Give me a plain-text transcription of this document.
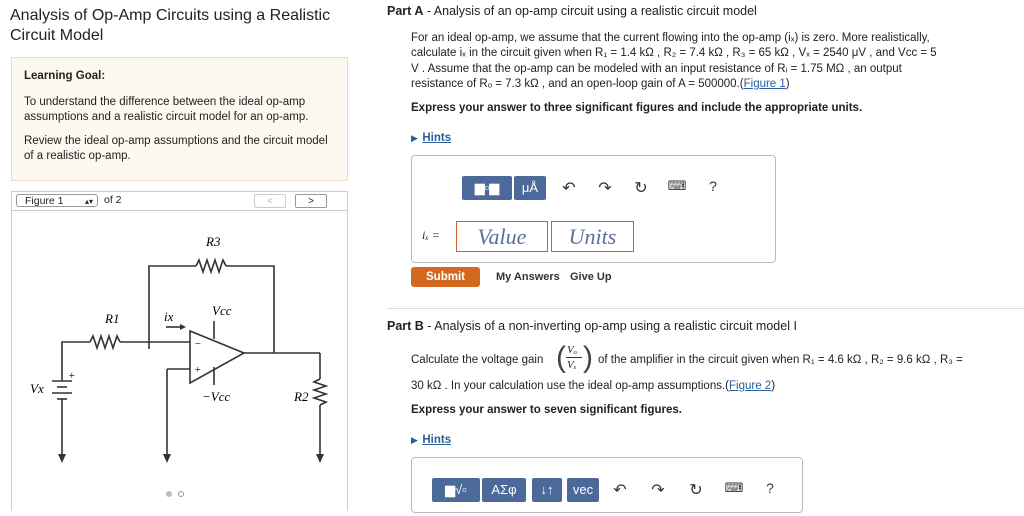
Analysis of Op-Amp Circuits using a Realistic Circuit Model
Learning Goal:
To understand the difference between the ideal op-amp assumptions and a realistic circuit model for an op-amp.
Review the ideal op-amp assumptions and the circuit model of a realistic op-amp.
Figure 1	▴▾ of 2	<	>
R3
R1	ix	Vcc
−Vcc	R2
Vx
+
−
+
Part A - Analysis of an op-amp circuit using a realistic circuit model
For an ideal op-amp, we assume that the current flowing into the op-amp (iₓ) is zero. More realistically,
calculate iₓ in the circuit given when R₁ = 1.4 kΩ , R₂ = 7.4 kΩ , R₃ = 65 kΩ , Vₓ = 2540 μV , and Vᴄᴄ = 5
V . Assume that the op-amp can be modeled with an input resistance of Rᵢ = 1.75 MΩ , an output
resistance of Rₒ = 7.3 kΩ , and an open-loop gain of A = 500000.(Figure 1)
Express your answer to three significant figures and include the appropriate units.
▶ Hints
▆▫▆	μÅ	↶ ↷ ↻ ⌨	?
iₓ =	Value	Units
Submit	My Answers Give Up
Part B - Analysis of a non-inverting op-amp using a realistic circuit model I
Calculate the voltage gain ( Vₒ
Vₓ ) of the amplifier in the circuit given when R₁ = 4.6 kΩ , R₂ = 9.6 kΩ , R₃ =
30 kΩ . In your calculation use the ideal op-amp assumptions.(Figure 2)
Express your answer to seven significant figures.
▶ Hints
▆√▫	ΑΣφ	↓↑	vec	↶ ↷ ↻ ⌨	?
